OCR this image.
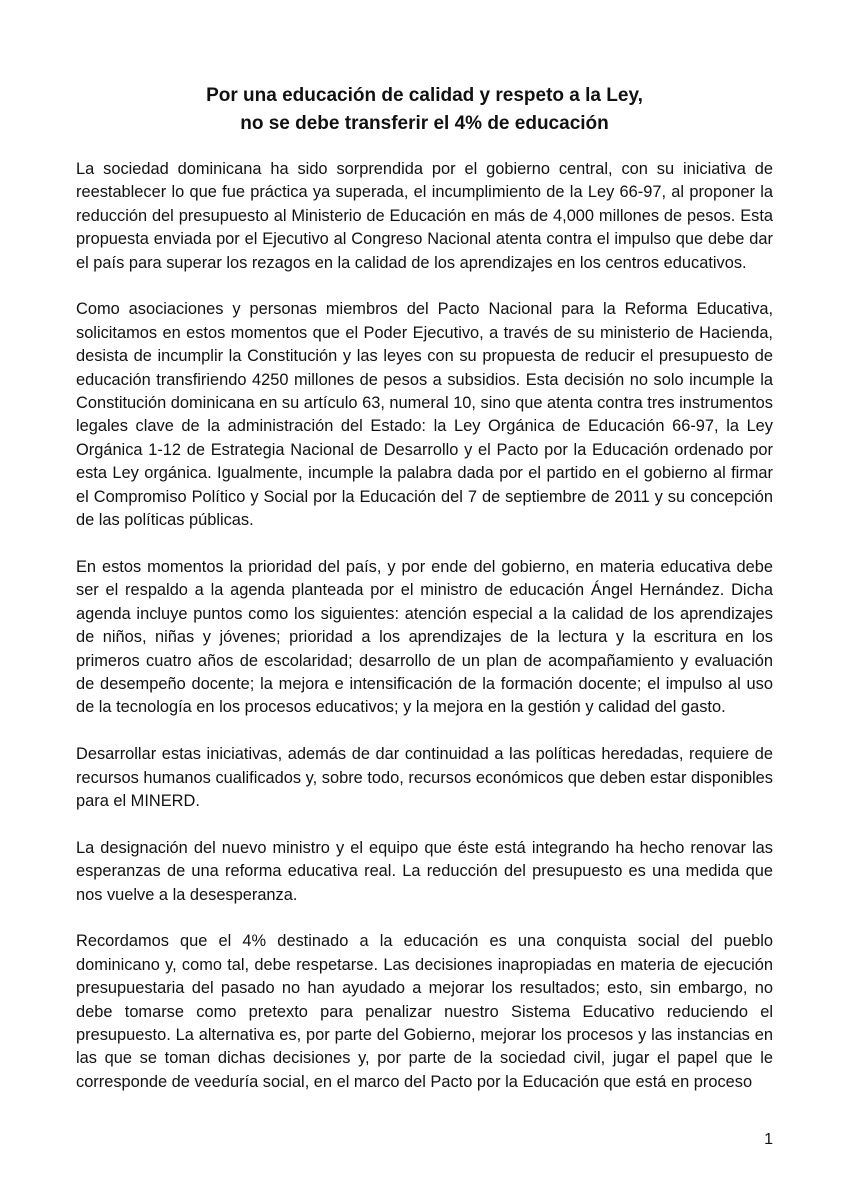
Por una educación de calidad y respeto a la Ley,
no se debe transferir el 4% de educación

La sociedad dominicana ha sido sorprendida por el gobierno central, con su iniciativa de reestablecer lo que fue práctica ya superada, el incumplimiento de la Ley 66-97, al proponer la reducción del presupuesto al Ministerio de Educación en más de 4,000 millones de pesos. Esta propuesta enviada por el Ejecutivo al Congreso Nacional atenta contra el impulso que debe dar el país para superar los rezagos en la calidad de los aprendizajes en los centros educativos.

Como asociaciones y personas miembros del Pacto Nacional para la Reforma Educativa, solicitamos en estos momentos que el Poder Ejecutivo, a través de su ministerio de Hacienda, desista de incumplir la Constitución y las leyes con su propuesta de reducir el presupuesto de educación transfiriendo 4250 millones de pesos a subsidios. Esta decisión no solo incumple la Constitución dominicana en su artículo 63, numeral 10, sino que atenta contra tres instrumentos legales clave de la administración del Estado: la Ley Orgánica de Educación 66-97, la Ley Orgánica 1-12 de Estrategia Nacional de Desarrollo y el Pacto por la Educación ordenado por esta Ley orgánica. Igualmente, incumple la palabra dada por el partido en el gobierno al firmar el Compromiso Político y Social por la Educación del 7 de septiembre de 2011 y su concepción de las políticas públicas.

En estos momentos la prioridad del país, y por ende del gobierno, en materia educativa debe ser el respaldo a la agenda planteada por el ministro de educación Ángel Hernández. Dicha agenda incluye puntos como los siguientes: atención especial a la calidad de los aprendizajes de niños, niñas y jóvenes; prioridad a los aprendizajes de la lectura y la escritura en los primeros cuatro años de escolaridad; desarrollo de un plan de acompañamiento y evaluación de desempeño docente; la mejora e intensificación de la formación docente; el impulso al uso de la tecnología en los procesos educativos; y la mejora en la gestión y calidad del gasto.

Desarrollar estas iniciativas, además de dar continuidad a las políticas heredadas, requiere de recursos humanos cualificados y, sobre todo, recursos económicos que deben estar disponibles para el MINERD.

La designación del nuevo ministro y el equipo que éste está integrando ha hecho renovar las esperanzas de una reforma educativa real. La reducción del presupuesto es una medida que nos vuelve a la desesperanza.

Recordamos que el 4% destinado a la educación es una conquista social del pueblo dominicano y, como tal, debe respetarse. Las decisiones inapropiadas en materia de ejecución presupuestaria del pasado no han ayudado a mejorar los resultados; esto, sin embargo, no debe tomarse como pretexto para penalizar nuestro Sistema Educativo reduciendo el presupuesto. La alternativa es, por parte del Gobierno, mejorar los procesos y las instancias en las que se toman dichas decisiones y, por parte de la sociedad civil, jugar el papel que le corresponde de veeduría social, en el marco del Pacto por la Educación que está en proceso

1
